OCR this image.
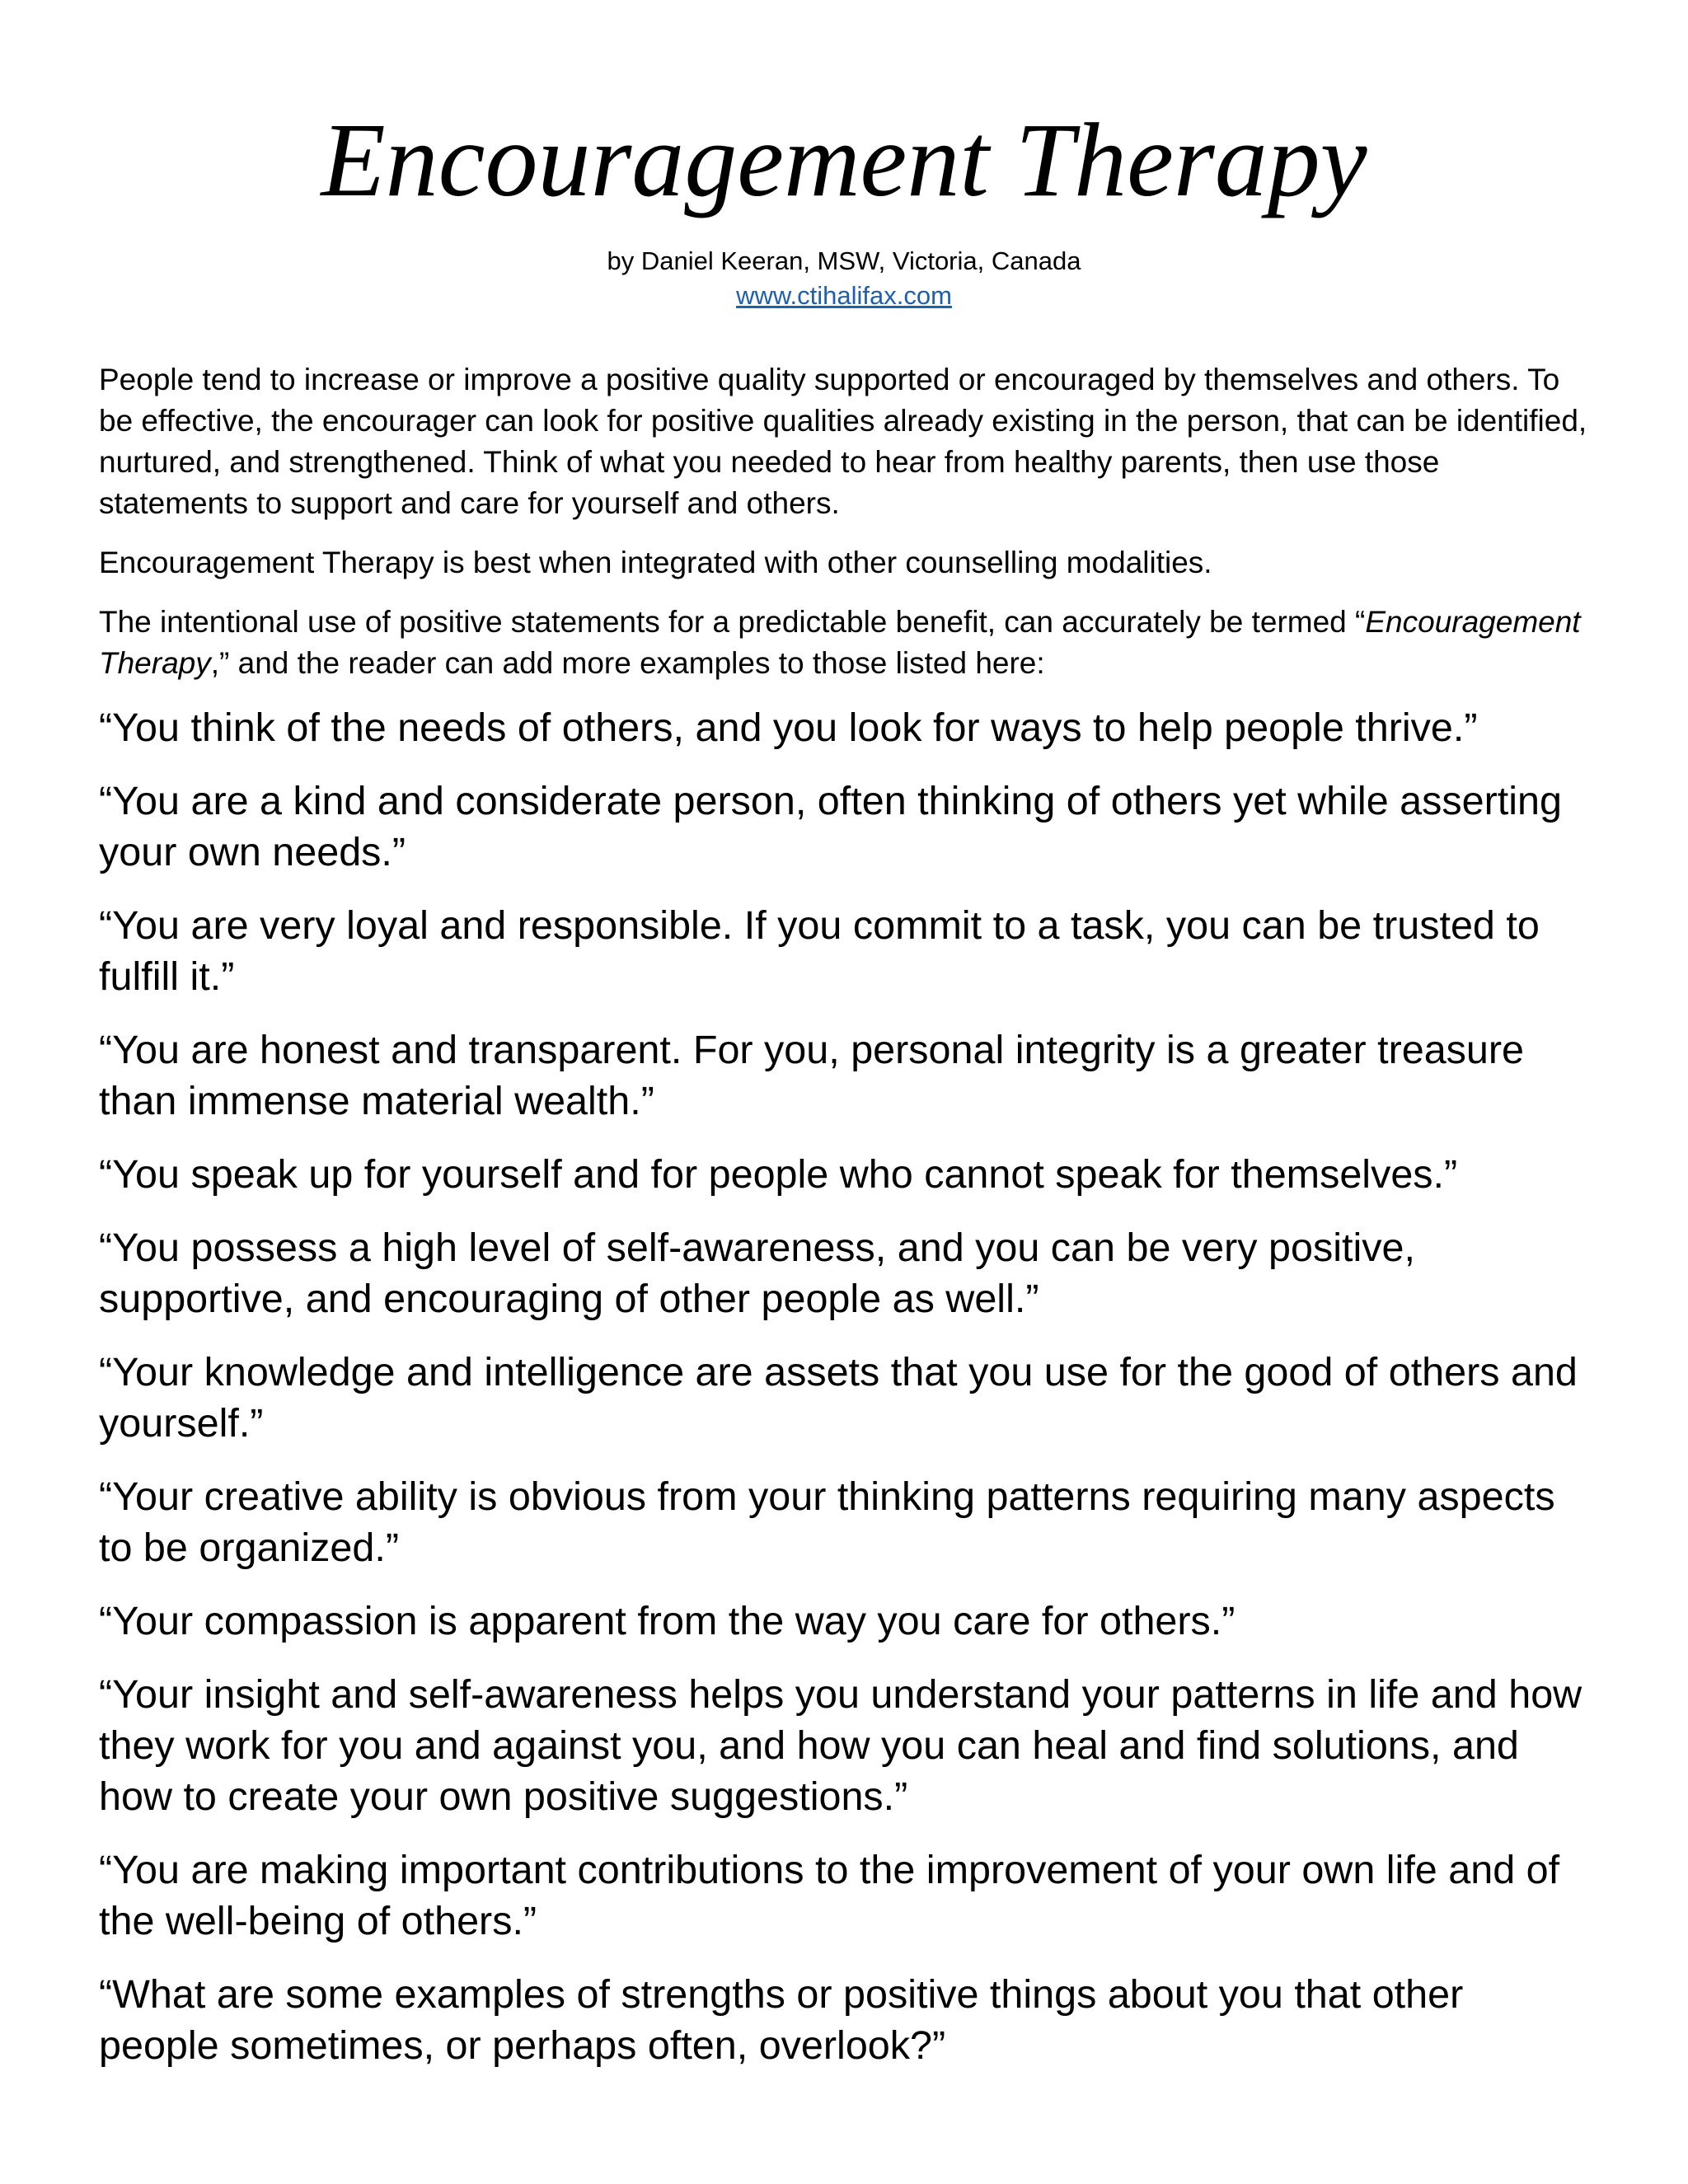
Encouragement Therapy

by Daniel Keeran, MSW, Victoria, Canada

www.ctihalifax.com

People tend to increase or improve a positive quality supported or encouraged by themselves and others. To be effective, the encourager can look for positive qualities already existing in the person, that can be identified, nurtured, and strengthened. Think of what you needed to hear from healthy parents, then use those statements to support and care for yourself and others.

Encouragement Therapy is best when integrated with other counselling modalities.

The intentional use of positive statements for a predictable benefit, can accurately be termed “Encouragement Therapy,” and the reader can add more examples to those listed here:

“You think of the needs of others, and you look for ways to help people thrive.”

“You are a kind and considerate person, often thinking of others yet while asserting your own needs.”

“You are very loyal and responsible. If you commit to a task, you can be trusted to fulfill it.”

“You are honest and transparent. For you, personal integrity is a greater treasure than immense material wealth.”

“You speak up for yourself and for people who cannot speak for themselves.”

“You possess a high level of self-awareness, and you can be very positive, supportive, and encouraging of other people as well.”

“Your knowledge and intelligence are assets that you use for the good of others and yourself.”

“Your creative ability is obvious from your thinking patterns requiring many aspects to be organized.”

“Your compassion is apparent from the way you care for others.”

“Your insight and self-awareness helps you understand your patterns in life and how they work for you and against you, and how you can heal and find solutions, and how to create your own positive suggestions.”

“You are making important contributions to the improvement of your own life and of the well-being of others.”

“What are some examples of strengths or positive things about you that other people sometimes, or perhaps often, overlook?”
